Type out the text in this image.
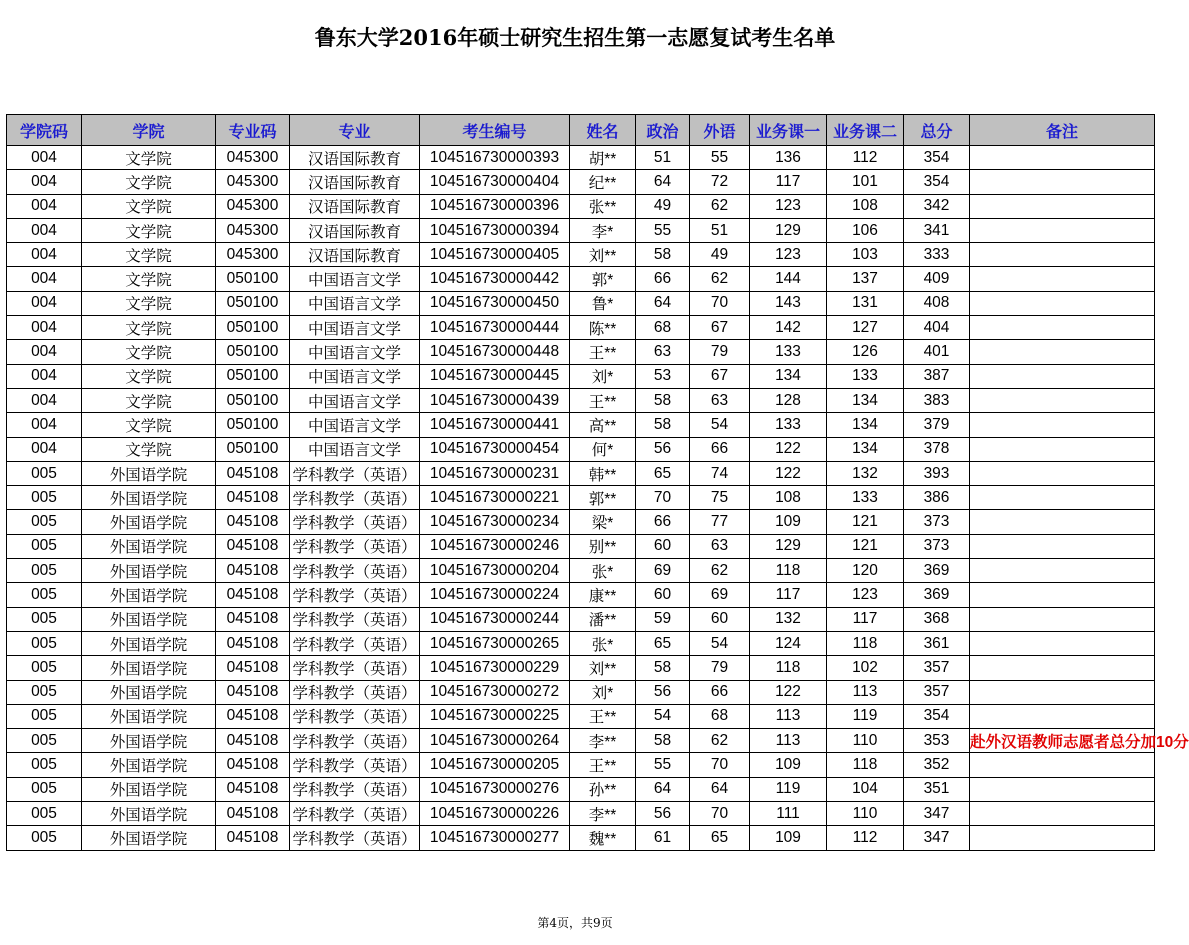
鲁东大学2016年硕士研究生招生第一志愿复试考生名单
学院码	学院	专业码	专业	考生编号	姓名	政治	外语	业务课一	业务课二	总分	备注
004	文学院	045300	汉语国际教育	104516730000393	胡**	51	55	136	112	354	
004	文学院	045300	汉语国际教育	104516730000404	纪**	64	72	117	101	354	
004	文学院	045300	汉语国际教育	104516730000396	张**	49	62	123	108	342	
004	文学院	045300	汉语国际教育	104516730000394	李*	55	51	129	106	341	
004	文学院	045300	汉语国际教育	104516730000405	刘**	58	49	123	103	333	
004	文学院	050100	中国语言文学	104516730000442	郭*	66	62	144	137	409	
004	文学院	050100	中国语言文学	104516730000450	鲁*	64	70	143	131	408	
004	文学院	050100	中国语言文学	104516730000444	陈**	68	67	142	127	404	
004	文学院	050100	中国语言文学	104516730000448	王**	63	79	133	126	401	
004	文学院	050100	中国语言文学	104516730000445	刘*	53	67	134	133	387	
004	文学院	050100	中国语言文学	104516730000439	王**	58	63	128	134	383	
004	文学院	050100	中国语言文学	104516730000441	高**	58	54	133	134	379	
004	文学院	050100	中国语言文学	104516730000454	何*	56	66	122	134	378	
005	外国语学院	045108	学科教学（英语）	104516730000231	韩**	65	74	122	132	393	
005	外国语学院	045108	学科教学（英语）	104516730000221	郭**	70	75	108	133	386	
005	外国语学院	045108	学科教学（英语）	104516730000234	梁*	66	77	109	121	373	
005	外国语学院	045108	学科教学（英语）	104516730000246	别**	60	63	129	121	373	
005	外国语学院	045108	学科教学（英语）	104516730000204	张*	69	62	118	120	369	
005	外国语学院	045108	学科教学（英语）	104516730000224	康**	60	69	117	123	369	
005	外国语学院	045108	学科教学（英语）	104516730000244	潘**	59	60	132	117	368	
005	外国语学院	045108	学科教学（英语）	104516730000265	张*	65	54	124	118	361	
005	外国语学院	045108	学科教学（英语）	104516730000229	刘**	58	79	118	102	357	
005	外国语学院	045108	学科教学（英语）	104516730000272	刘*	56	66	122	113	357	
005	外国语学院	045108	学科教学（英语）	104516730000225	王**	54	68	113	119	354	
005	外国语学院	045108	学科教学（英语）	104516730000264	李**	58	62	113	110	353	赴外汉语教师志愿者总分加10分
005	外国语学院	045108	学科教学（英语）	104516730000205	王**	55	70	109	118	352	
005	外国语学院	045108	学科教学（英语）	104516730000276	孙**	64	64	119	104	351	
005	外国语学院	045108	学科教学（英语）	104516730000226	李**	56	70	111	110	347	
005	外国语学院	045108	学科教学（英语）	104516730000277	魏**	61	65	109	112	347	
第4页，共9页
